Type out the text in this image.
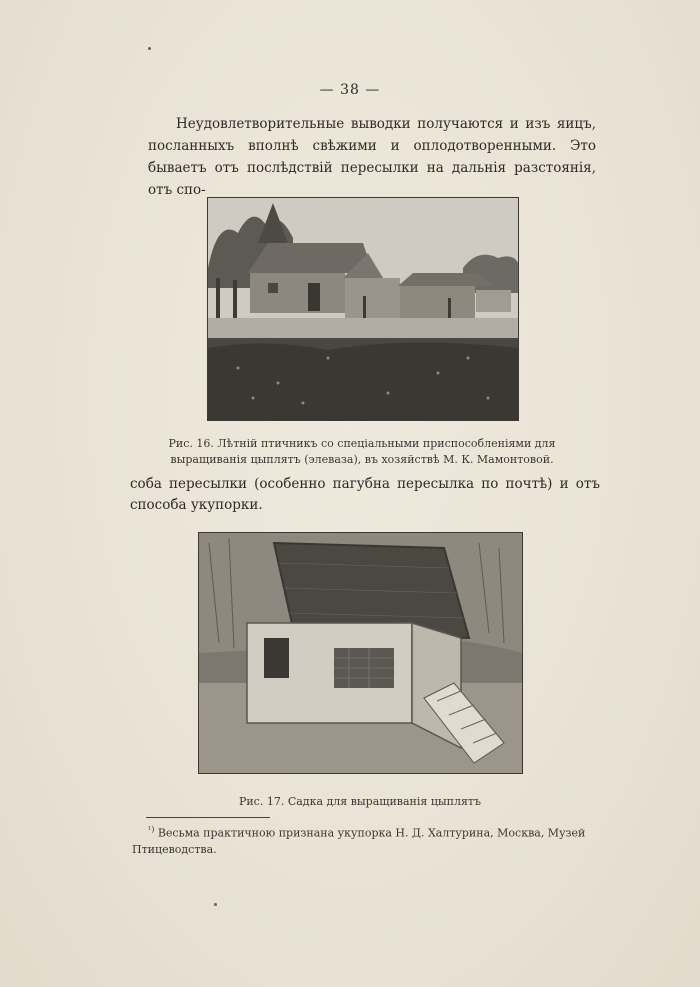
— 38 —

Неудовлетворительные выводки получаются и изъ яицъ, посланныхъ вполнѣ свѣжими и оплодотворенными. Это бываетъ отъ послѣдствій пересылки на дальнія разстоянія, отъ спо-

Рис. 16. Лѣтній птичникъ со спеціальными приспособленіями для выращиванія цыплятъ (элеваза), въ хозяйствѣ М. К. Мамонтовой.

соба пересылки (особенно пагубна пересылка по почтѣ) и отъ способа укупорки.

Рис. 17. Садка для выращиванія цыплятъ

$^{^1)}$ Весьма практичною признана укупорка Н. Д. Халтурина, Москва, Музей Птицеводства.
